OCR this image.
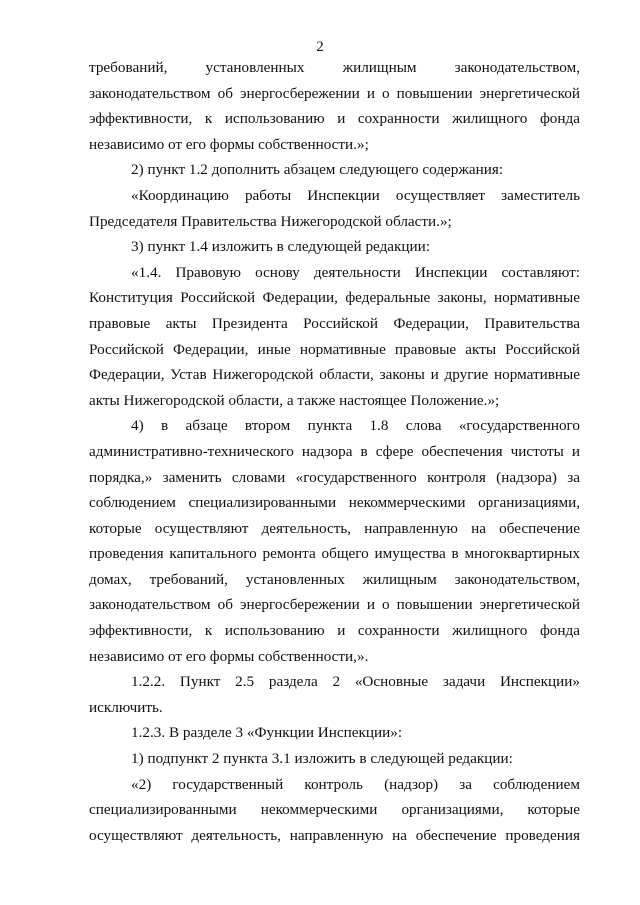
2

требований, установленных жилищным законодательством, законодательством об энергосбережении и о повышении энергетической эффективности, к использованию и сохранности жилищного фонда независимо от его формы собственности.»;

2) пункт 1.2 дополнить абзацем следующего содержания:

«Координацию работы Инспекции осуществляет заместитель Председателя Правительства Нижегородской области.»;

3) пункт 1.4 изложить в следующей редакции:

«1.4. Правовую основу деятельности Инспекции составляют: Конституция Российской Федерации, федеральные законы, нормативные правовые акты Президента Российской Федерации, Правительства Российской Федерации, иные нормативные правовые акты Российской Федерации, Устав Нижегородской области, законы и другие нормативные акты Нижегородской области, а также настоящее Положение.»;

4) в абзаце втором пункта 1.8 слова «государственного административно-технического надзора в сфере обеспечения чистоты и порядка,» заменить словами «государственного контроля (надзора) за соблюдением специализированными некоммерческими организациями, которые осуществляют деятельность, направленную на обеспечение проведения капитального ремонта общего имущества в многоквартирных домах, требований, установленных жилищным законодательством, законодательством об энергосбережении и о повышении энергетической эффективности, к использованию и сохранности жилищного фонда независимо от его формы собственности,».

1.2.2. Пункт 2.5 раздела 2 «Основные задачи Инспекции» исключить.

1.2.3. В разделе 3 «Функции Инспекции»:

1) подпункт 2 пункта 3.1 изложить в следующей редакции:

«2) государственный контроль (надзор) за соблюдением специализированными некоммерческими организациями, которые осуществляют деятельность, направленную на обеспечение проведения
